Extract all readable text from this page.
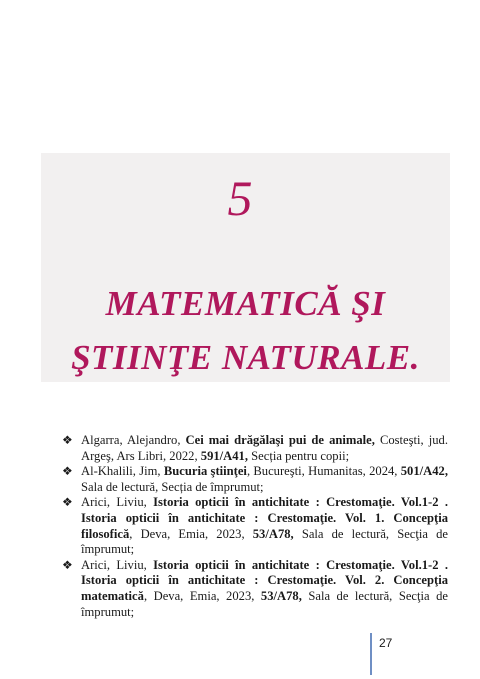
5
MATEMATICĂ ŞI
ŞTIINŢE NATURALE.
❖ Algarra, Alejandro, Cei mai drăgălaşi pui de animale, Costeşti, jud. Argeş, Ars Libri, 2022, 591/A41, Secția pentru copii;
❖ Al-Khalili, Jim, Bucuria ştiinţei, Bucureşti, Humanitas, 2024, 501/A42, Sala de lectură, Secția de împrumut;
❖ Arici, Liviu, Istoria opticii în antichitate : Crestomaţie. Vol.1-2 . Istoria opticii în antichitate : Crestomaţie. Vol. 1. Concepţia filosofică, Deva, Emia, 2023, 53/A78, Sala de lectură, Secţia de împrumut;
❖ Arici, Liviu, Istoria opticii în antichitate : Crestomaţie. Vol.1-2 . Istoria opticii în antichitate : Crestomaţie. Vol. 2. Concepţia matematică, Deva, Emia, 2023, 53/A78, Sala de lectură, Secţia de împrumut;
27
